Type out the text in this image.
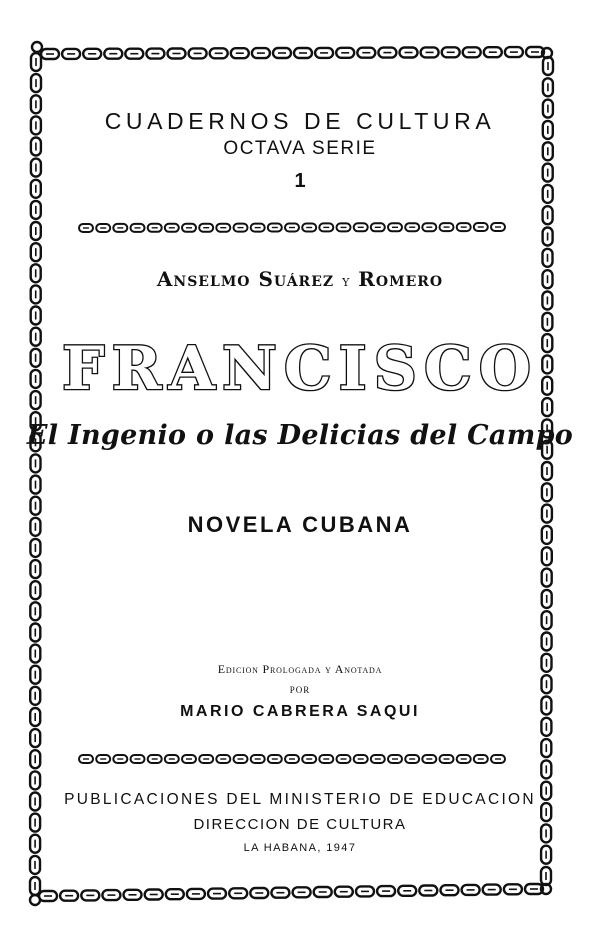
CUADERNOS DE CULTURA
OCTAVA SERIE
1
Anselmo Suárez y Romero
FRANCISCO
El Ingenio o las Delicias del Campo
NOVELA CUBANA
Edicion Prologada y Anotada
POR
MARIO CABRERA SAQUI
PUBLICACIONES DEL MINISTERIO DE EDUCACION
DIRECCION DE CULTURA
LA HABANA, 1947
